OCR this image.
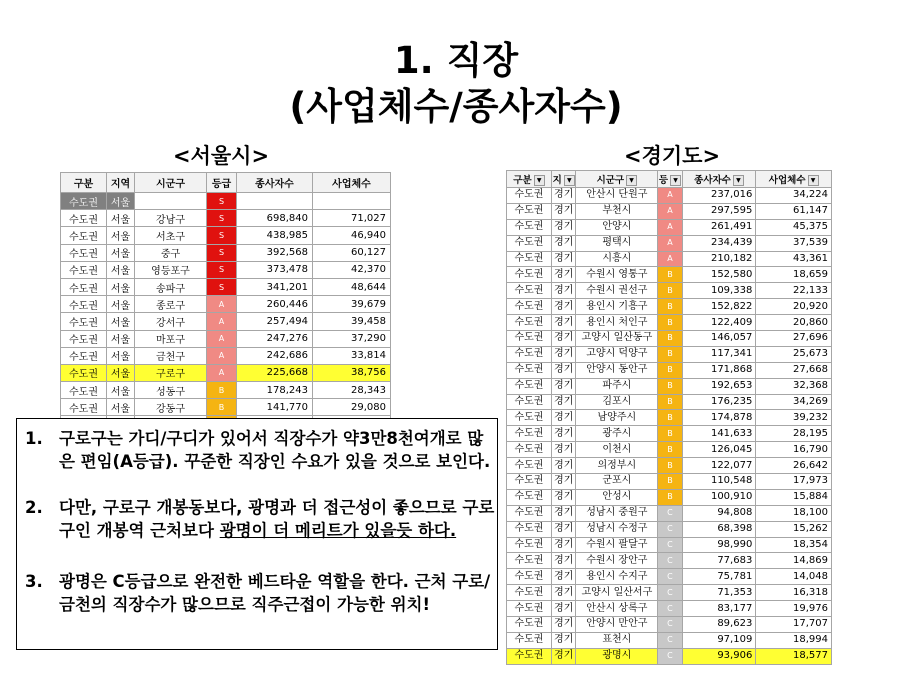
1. 직장
(사업체수/종사자수)
<서울시>	<경기도>
구분	지역	시군구	등급	종사자수	사업체수
수도권	서울		S		
수도권	서울	강남구	S	698,840	71,027
수도권	서울	서초구	S	438,985	46,940
수도권	서울	중구	S	392,568	60,127
수도권	서울	영등포구	S	373,478	42,370
수도권	서울	송파구	S	341,201	48,644
수도권	서울	종로구	A	260,446	39,679
수도권	서울	강서구	A	257,494	39,458
수도권	서울	마포구	A	247,276	37,290
수도권	서울	금천구	A	242,686	33,814
수도권	서울	구로구	A	225,668	38,756
수도권	서울	성동구	B	178,243	28,343
수도권	서울	강동구	B	141,770	29,080

구분 ▼	지 ▼	시군구 ▼	등 ▼	종사자수 ▼	사업체수 ▼
수도권	경기	안산시 단원구	A	237,016	34,224
수도권	경기	부천시	A	297,595	61,147
수도권	경기	안양시	A	261,491	45,375
수도권	경기	평택시	A	234,439	37,539
수도권	경기	시흥시	A	210,182	43,361
수도권	경기	수원시 영통구	B	152,580	18,659
수도권	경기	수원시 권선구	B	109,338	22,133
수도권	경기	용인시 기흥구	B	152,822	20,920
수도권	경기	용인시 처인구	B	122,409	20,860
수도권	경기	고양시 일산동구	B	146,057	27,696
수도권	경기	고양시 덕양구	B	117,341	25,673
수도권	경기	안양시 동안구	B	171,868	27,668
수도권	경기	파주시	B	192,653	32,368
수도권	경기	김포시	B	176,235	34,269
수도권	경기	남양주시	B	174,878	39,232
수도권	경기	광주시	B	141,633	28,195
수도권	경기	이천시	B	126,045	16,790
수도권	경기	의정부시	B	122,077	26,642
수도권	경기	군포시	B	110,548	17,973
수도권	경기	안성시	B	100,910	15,884
수도권	경기	성남시 중원구	C	94,808	18,100
수도권	경기	성남시 수정구	C	68,398	15,262
수도권	경기	수원시 팔달구	C	98,990	18,354
수도권	경기	수원시 장안구	C	77,683	14,869
수도권	경기	용인시 수지구	C	75,781	14,048
수도권	경기	고양시 일산서구	C	71,353	16,318
수도권	경기	안산시 상록구	C	83,177	19,976
수도권	경기	안양시 만안구	C	89,623	17,707
수도권	경기	표천시	C	97,109	18,994
수도권	경기	광명시	C	93,906	18,577
1. 구로구는 가디/구디가 있어서 직장수가 약3만8천여개로 많은 편임(A등급). 꾸준한 직장인 수요가 있을 것으로 보인다.
2. 다만, 구로구 개봉동보다, 광명과 더 접근성이 좋으므로 구로구인 개봉역 근처보다 광명이 더 메리트가 있을듯 하다.
3. 광명은 C등급으로 완전한 베드타운 역할을 한다. 근처 구로/금천의 직장수가 많으므로 직주근접이 가능한 위치!
